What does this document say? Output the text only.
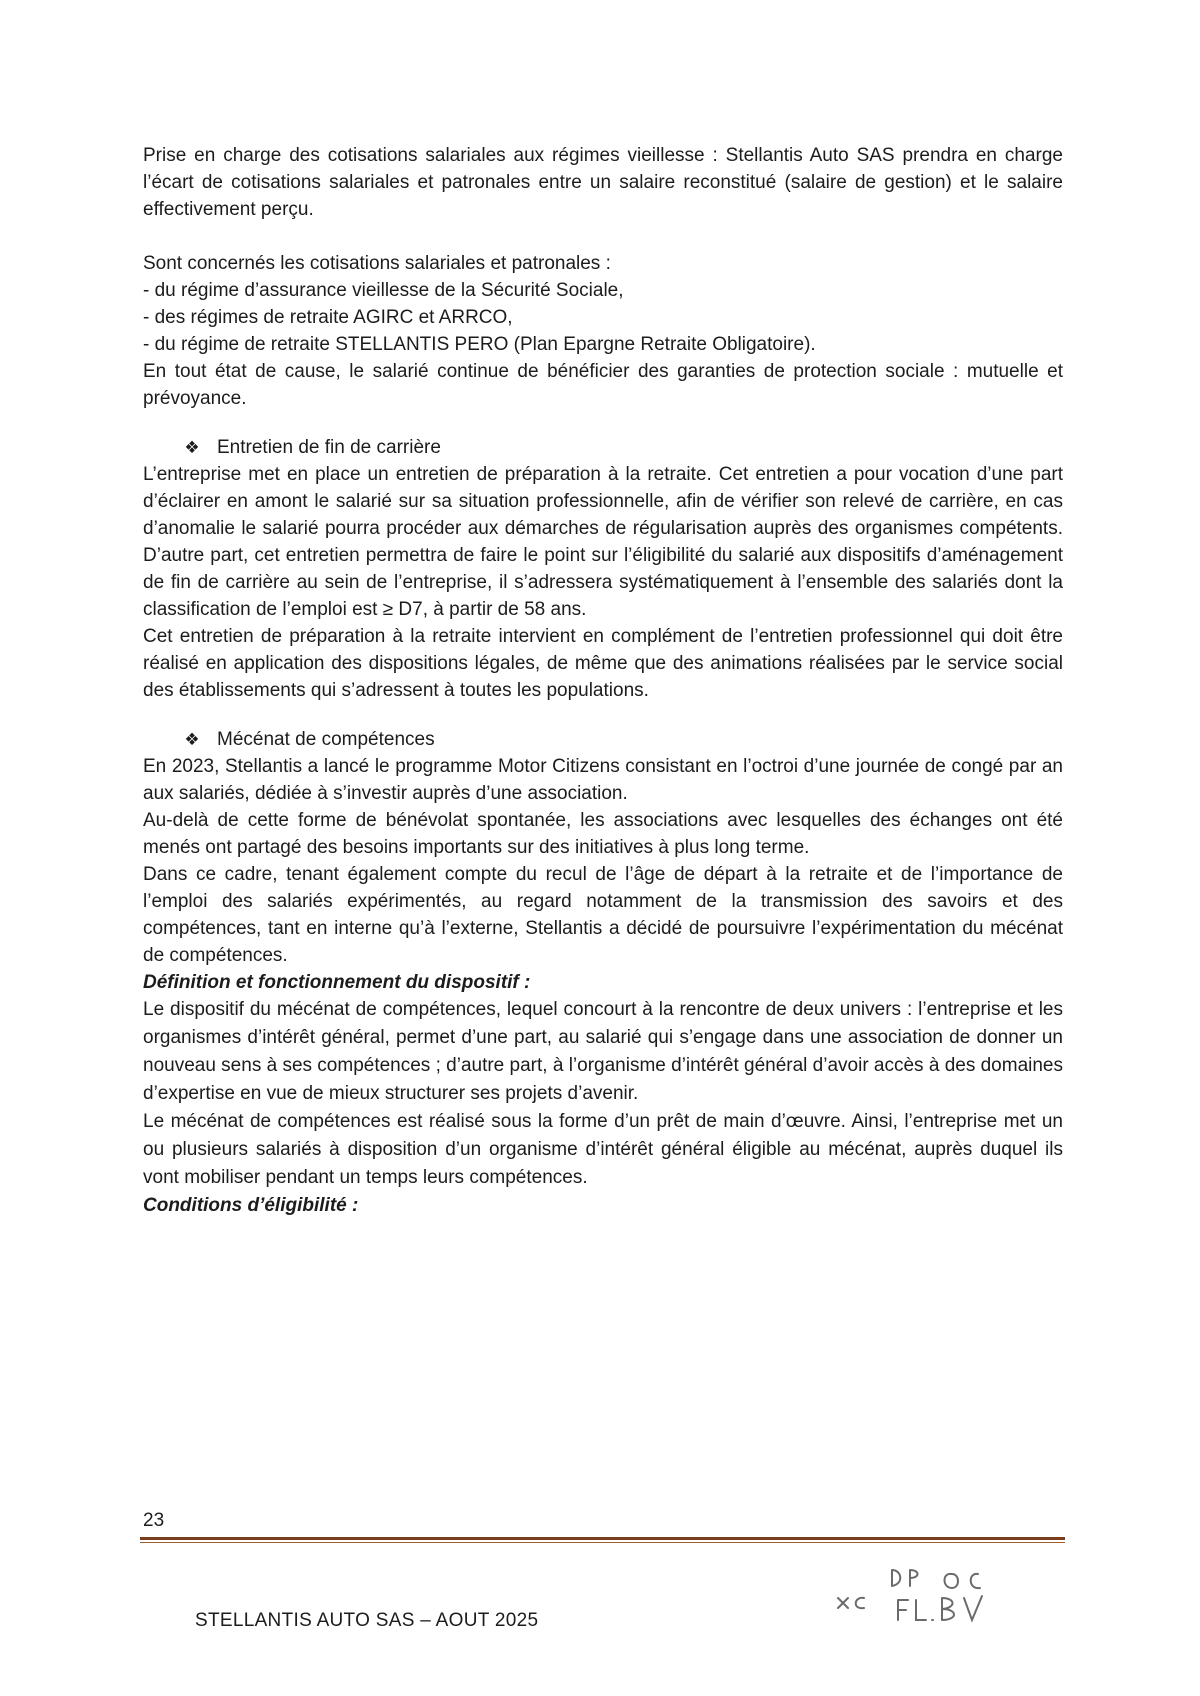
Prise en charge des cotisations salariales aux régimes vieillesse : Stellantis Auto SAS prendra en charge l’écart de cotisations salariales et patronales entre un salaire reconstitué (salaire de gestion) et le salaire effectivement perçu.

Sont concernés les cotisations salariales et patronales :

- du régime d’assurance vieillesse de la Sécurité Sociale,

- des régimes de retraite AGIRC et ARRCO,

- du régime de retraite STELLANTIS PERO (Plan Epargne Retraite Obligatoire).

En tout état de cause, le salarié continue de bénéficier des garanties de protection sociale : mutuelle et prévoyance.

❖ Entretien de fin de carrière

L’entreprise met en place un entretien de préparation à la retraite. Cet entretien a pour vocation d’une part d’éclairer en amont le salarié sur sa situation professionnelle, afin de vérifier son relevé de carrière, en cas d’anomalie le salarié pourra procéder aux démarches de régularisation auprès des organismes compétents. D’autre part, cet entretien permettra de faire le point sur l’éligibilité du salarié aux dispositifs d’aménagement de fin de carrière au sein de l’entreprise, il s’adressera systématiquement à l’ensemble des salariés dont la classification de l’emploi est ≥ D7, à partir de 58 ans.

Cet entretien de préparation à la retraite intervient en complément de l’entretien professionnel qui doit être réalisé en application des dispositions légales, de même que des animations réalisées par le service social des établissements qui s’adressent à toutes les populations.

❖ Mécénat de compétences

En 2023, Stellantis a lancé le programme Motor Citizens consistant en l’octroi d’une journée de congé par an aux salariés, dédiée à s’investir auprès d’une association.

Au-delà de cette forme de bénévolat spontanée, les associations avec lesquelles des échanges ont été menés ont partagé des besoins importants sur des initiatives à plus long terme.

Dans ce cadre, tenant également compte du recul de l’âge de départ à la retraite et de l’importance de l’emploi des salariés expérimentés, au regard notamment de la transmission des savoirs et des compétences, tant en interne qu’à l’externe, Stellantis a décidé de poursuivre l’expérimentation du mécénat de compétences.

Définition et fonctionnement du dispositif :

Le dispositif du mécénat de compétences, lequel concourt à la rencontre de deux univers : l’entreprise et les organismes d’intérêt général, permet d’une part, au salarié qui s’engage dans une association de donner un nouveau sens à ses compétences ; d’autre part, à l’organisme d’intérêt général d’avoir accès à des domaines d’expertise en vue de mieux structurer ses projets d’avenir.

Le mécénat de compétences est réalisé sous la forme d’un prêt de main d’œuvre. Ainsi, l’entreprise met un ou plusieurs salariés à disposition d’un organisme d’intérêt général éligible au mécénat, auprès duquel ils vont mobiliser pendant un temps leurs compétences.

Conditions d’éligibilité :

23
STELLANTIS AUTO SAS – AOUT 2025
